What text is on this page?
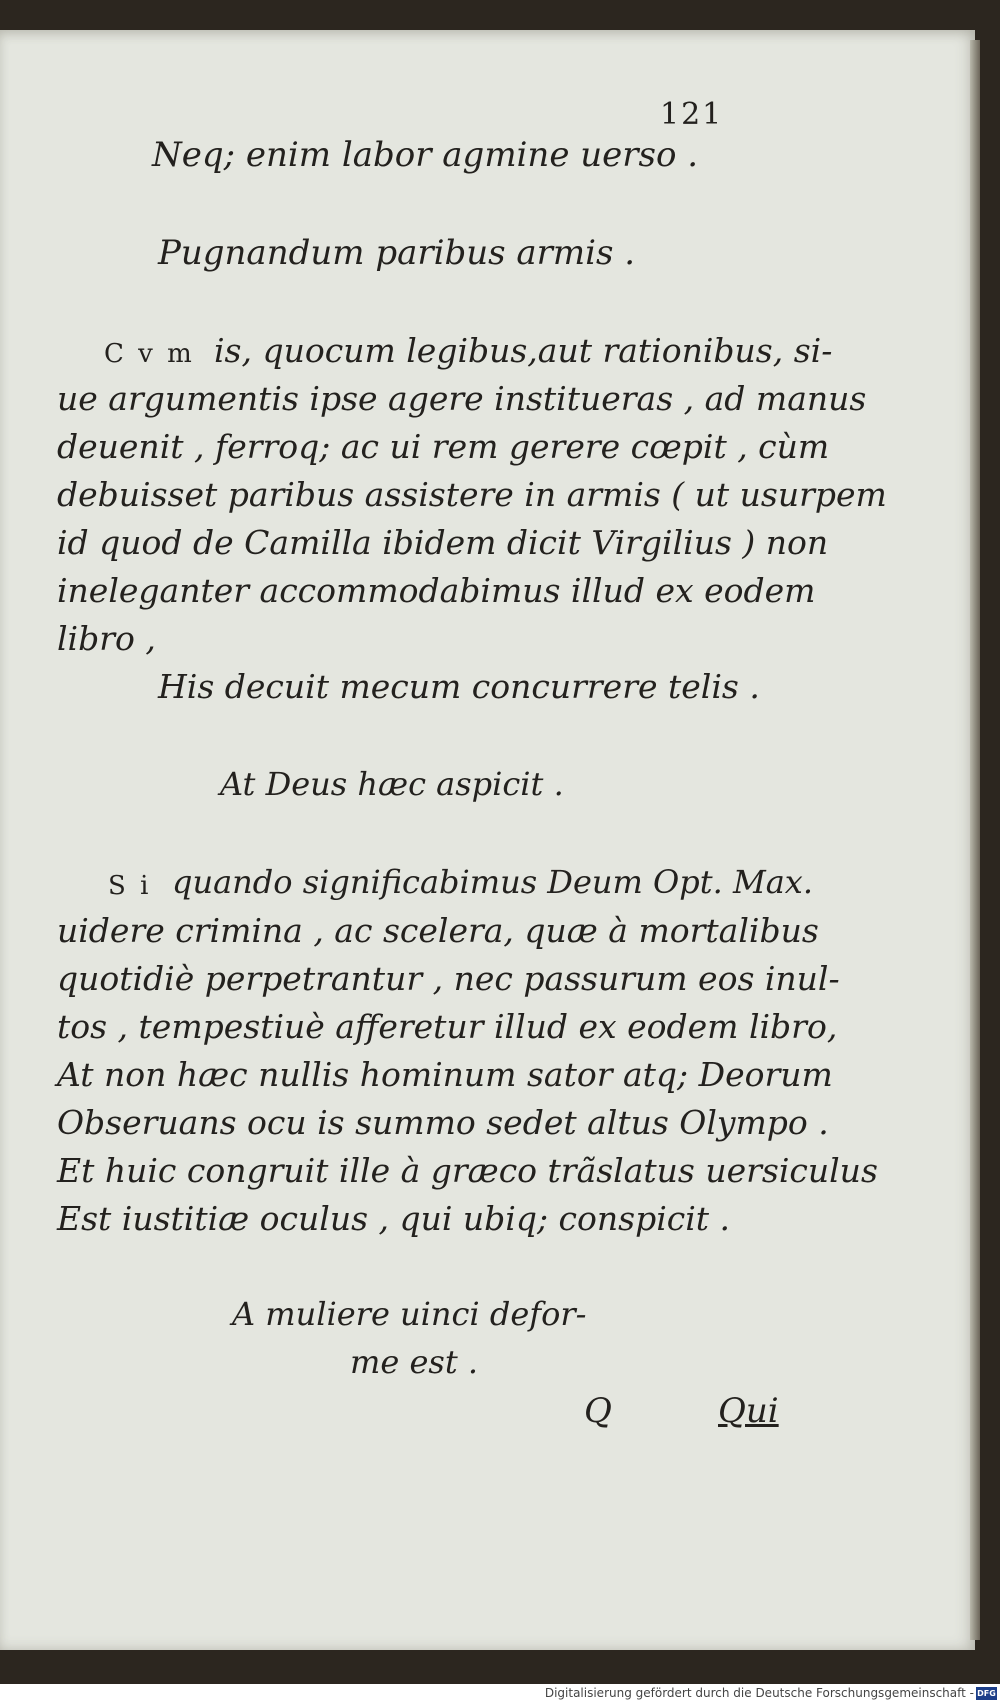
121
Neq; enim labor agmine uerso .
Pugnandum paribus armis .
C v m is, quocum legibus,aut rationibus, si-
ue argumentis ipse agere institueras , ad manus
deuenit , ferroq; ac ui rem gerere cœpit , cùm
debuisset paribus assistere in armis ( ut usurpem
id quod de Camilla ibidem dicit Virgilius ) non
ineleganter accommodabimus illud ex eodem
libro ,
His decuit mecum concurrere telis .
At Deus hæc aspicit .
S i quando significabimus Deum Opt. Max.
uidere crimina , ac scelera, quæ à mortalibus
quotidiè perpetrantur , nec passurum eos inul-
tos , tempestiuè afferetur illud ex eodem libro,
At non hæc nullis hominum sator atq; Deorum
Obseruans ocu is summo sedet altus Olympo .
Et huic congruit ille à græco trãslatus uersiculus
Est iustitiæ oculus , qui ubiq; conspicit .
A muliere uinci defor-
me est .
Q	Qui
Digitalisierung gefördert durch die Deutsche Forschungsgemeinschaft - DFG
